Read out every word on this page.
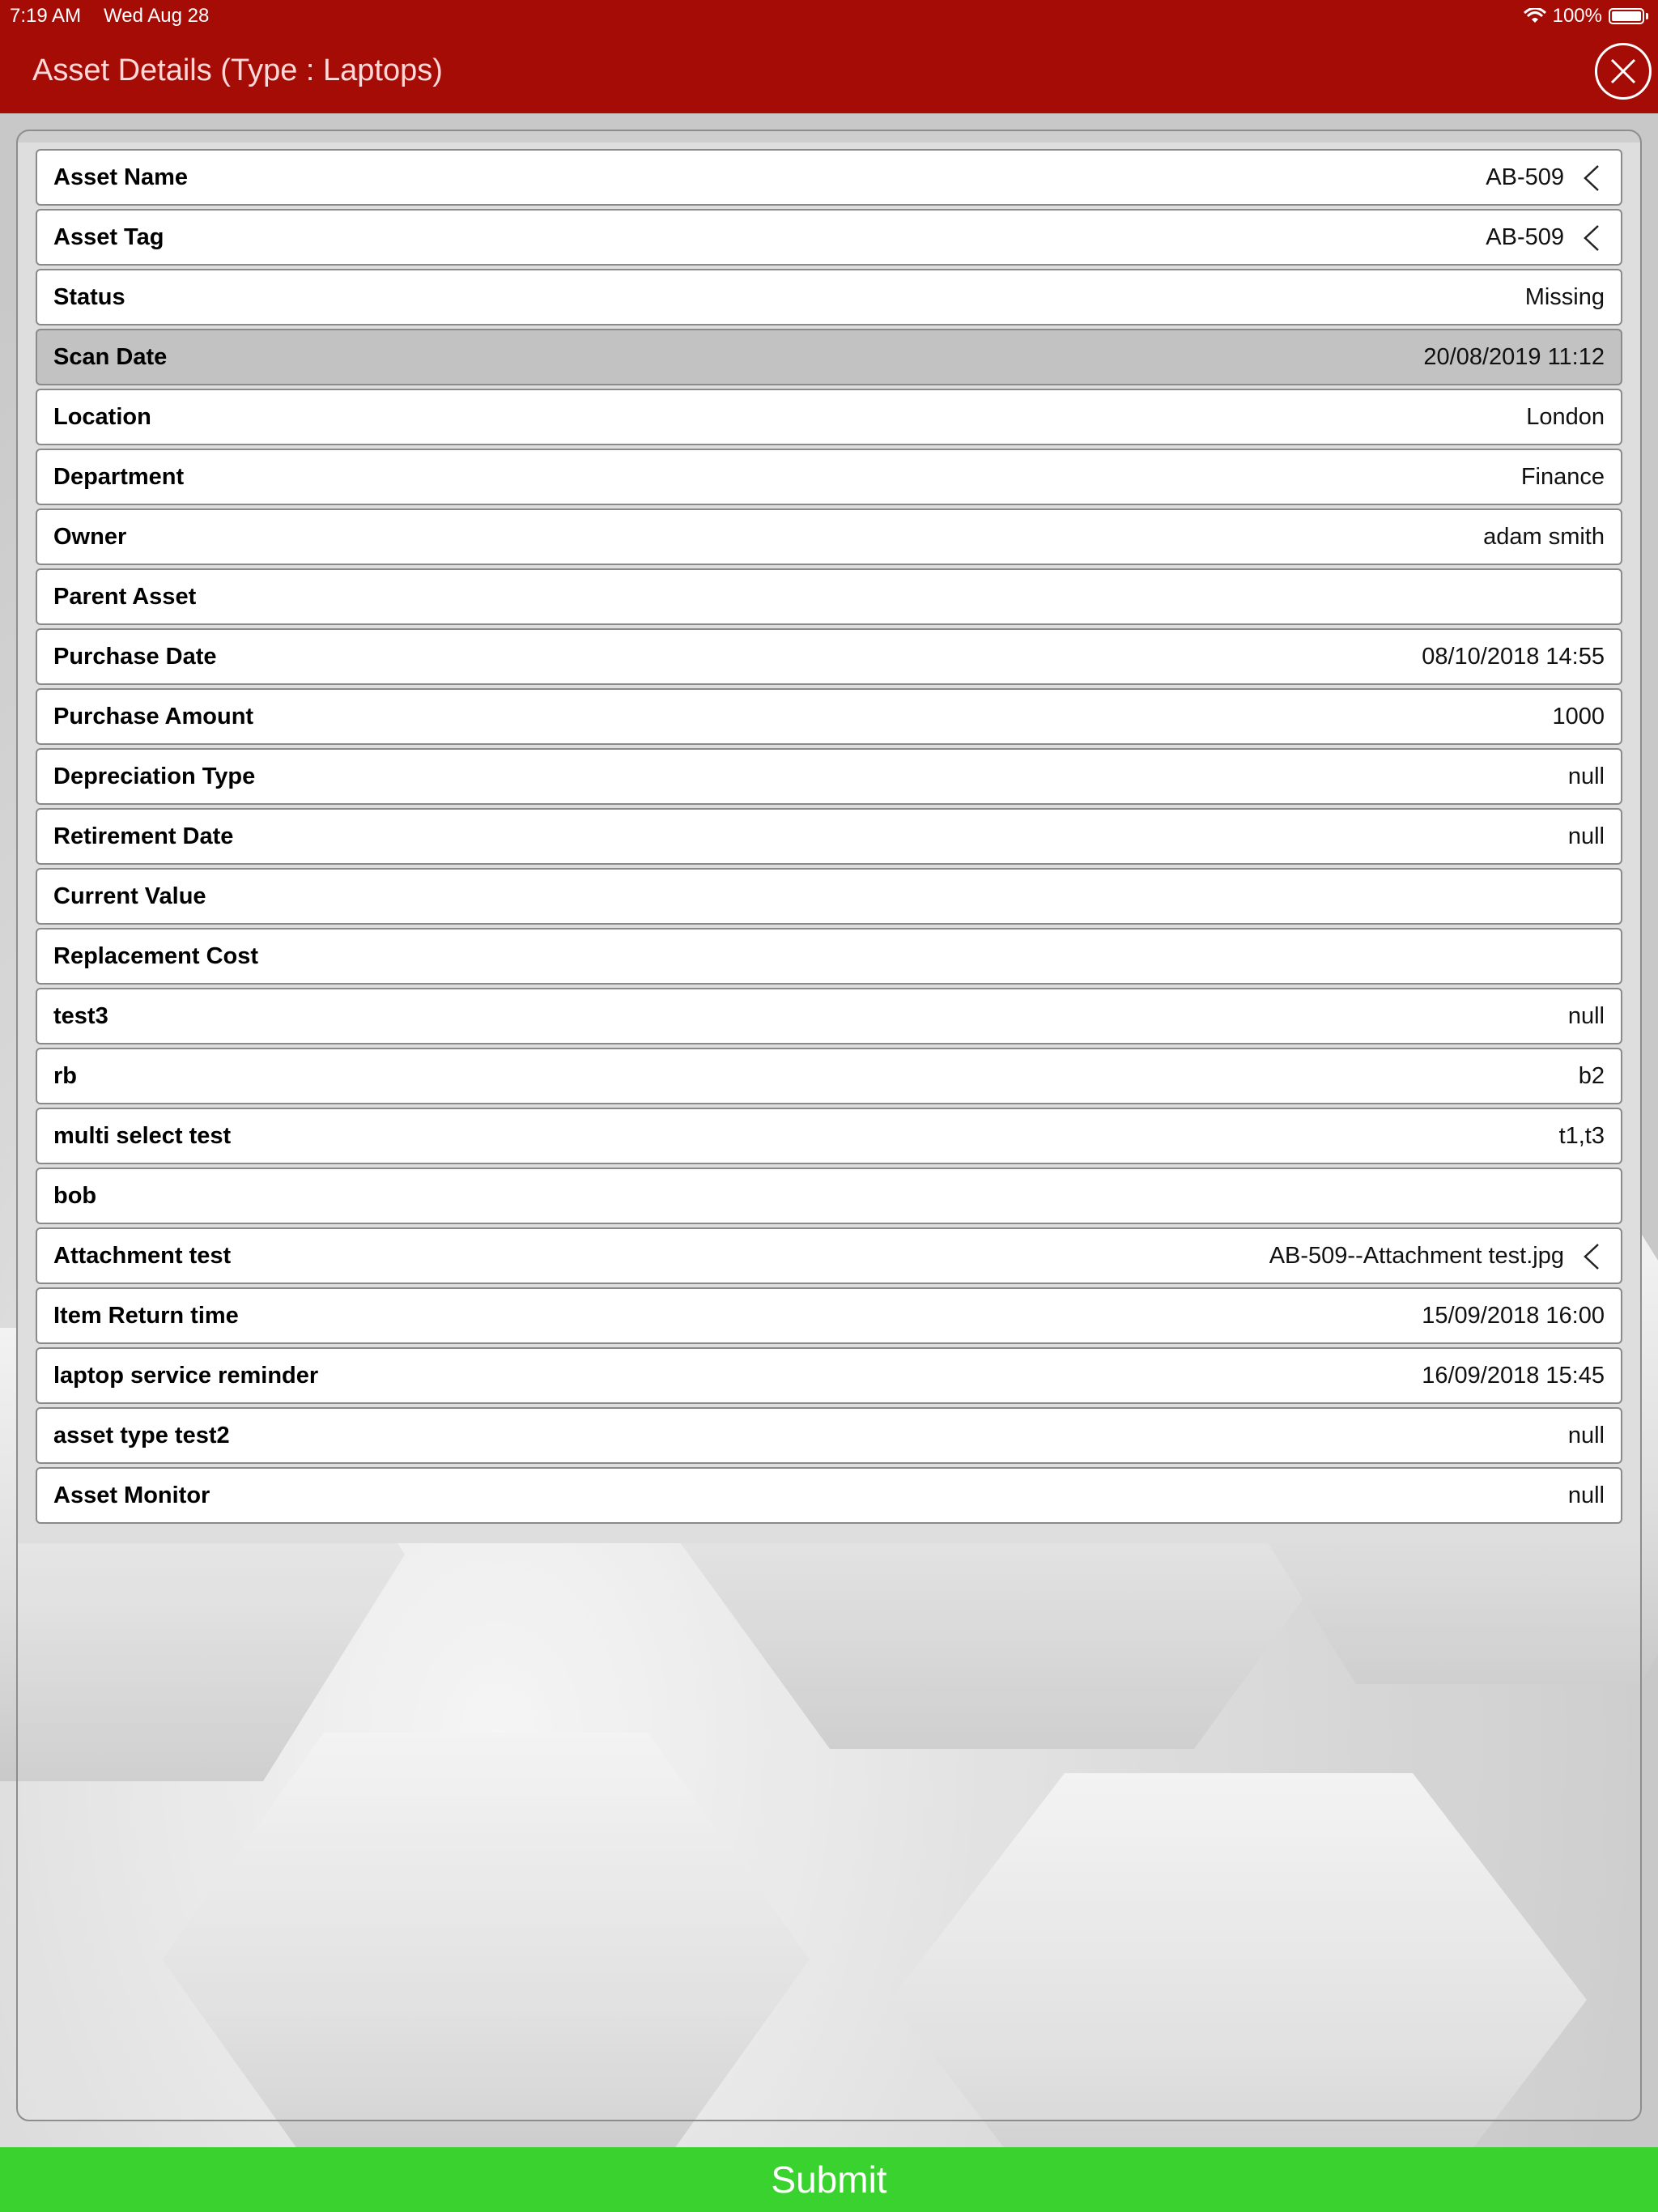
7:19 AM Wed Aug 28	100%
Asset Details (Type : Laptops)
Asset Name	AB-509
Asset Tag	AB-509
Status	Missing
Scan Date	20/08/2019 11:12
Location	London
Department	Finance
Owner	adam smith
Parent Asset
Purchase Date	08/10/2018 14:55
Purchase Amount	1000
Depreciation Type	null
Retirement Date	null
Current Value
Replacement Cost
test3	null
rb	b2
multi select test	t1,t3
bob
Attachment test	AB-509--Attachment test.jpg
Item Return time	15/09/2018 16:00
laptop service reminder	16/09/2018 15:45
asset type test2	null
Asset Monitor	null
Submit
